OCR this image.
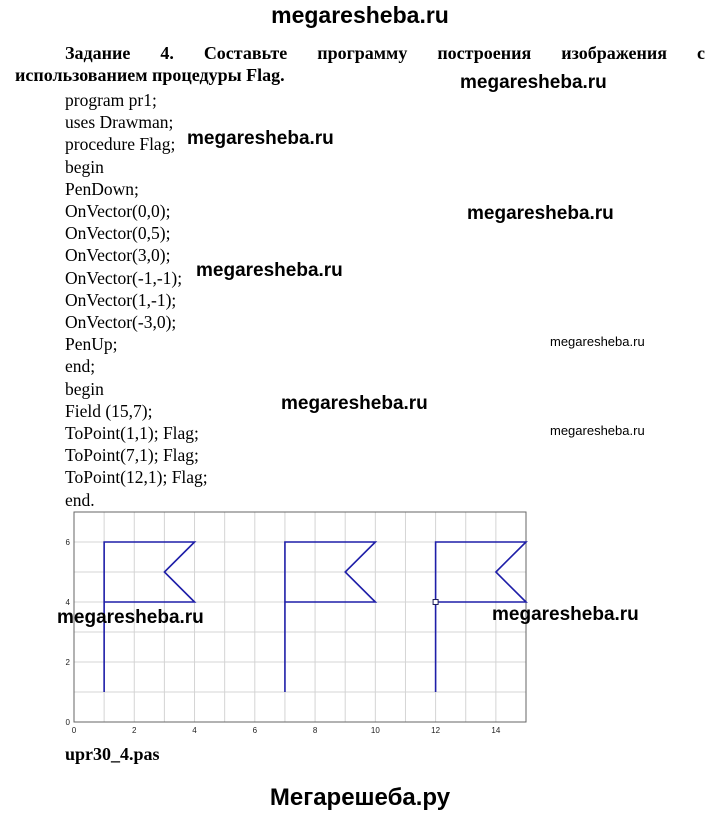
megaresheba.ru
Задание 4. Составьте программу построения изображения с
использованием процедуры Flag.
program pr1;
uses Drawman;
procedure Flag;
begin
PenDown;
OnVector(0,0);
OnVector(0,5);
OnVector(3,0);
OnVector(-1,-1);
OnVector(1,-1);
OnVector(-3,0);
PenUp;
end;
begin
Field (15,7);
ToPoint(1,1); Flag;
ToPoint(7,1); Flag;
ToPoint(12,1); Flag;
end.
0	2	4	6	8	10	12	14
0
2
4
6
megaresheba.ru
megaresheba.ru
megaresheba.ru
megaresheba.ru
megaresheba.ru
megaresheba.ru
megaresheba.ru
megaresheba.ru	megaresheba.ru
upr30_4.pas
Мегарешеба.ру
